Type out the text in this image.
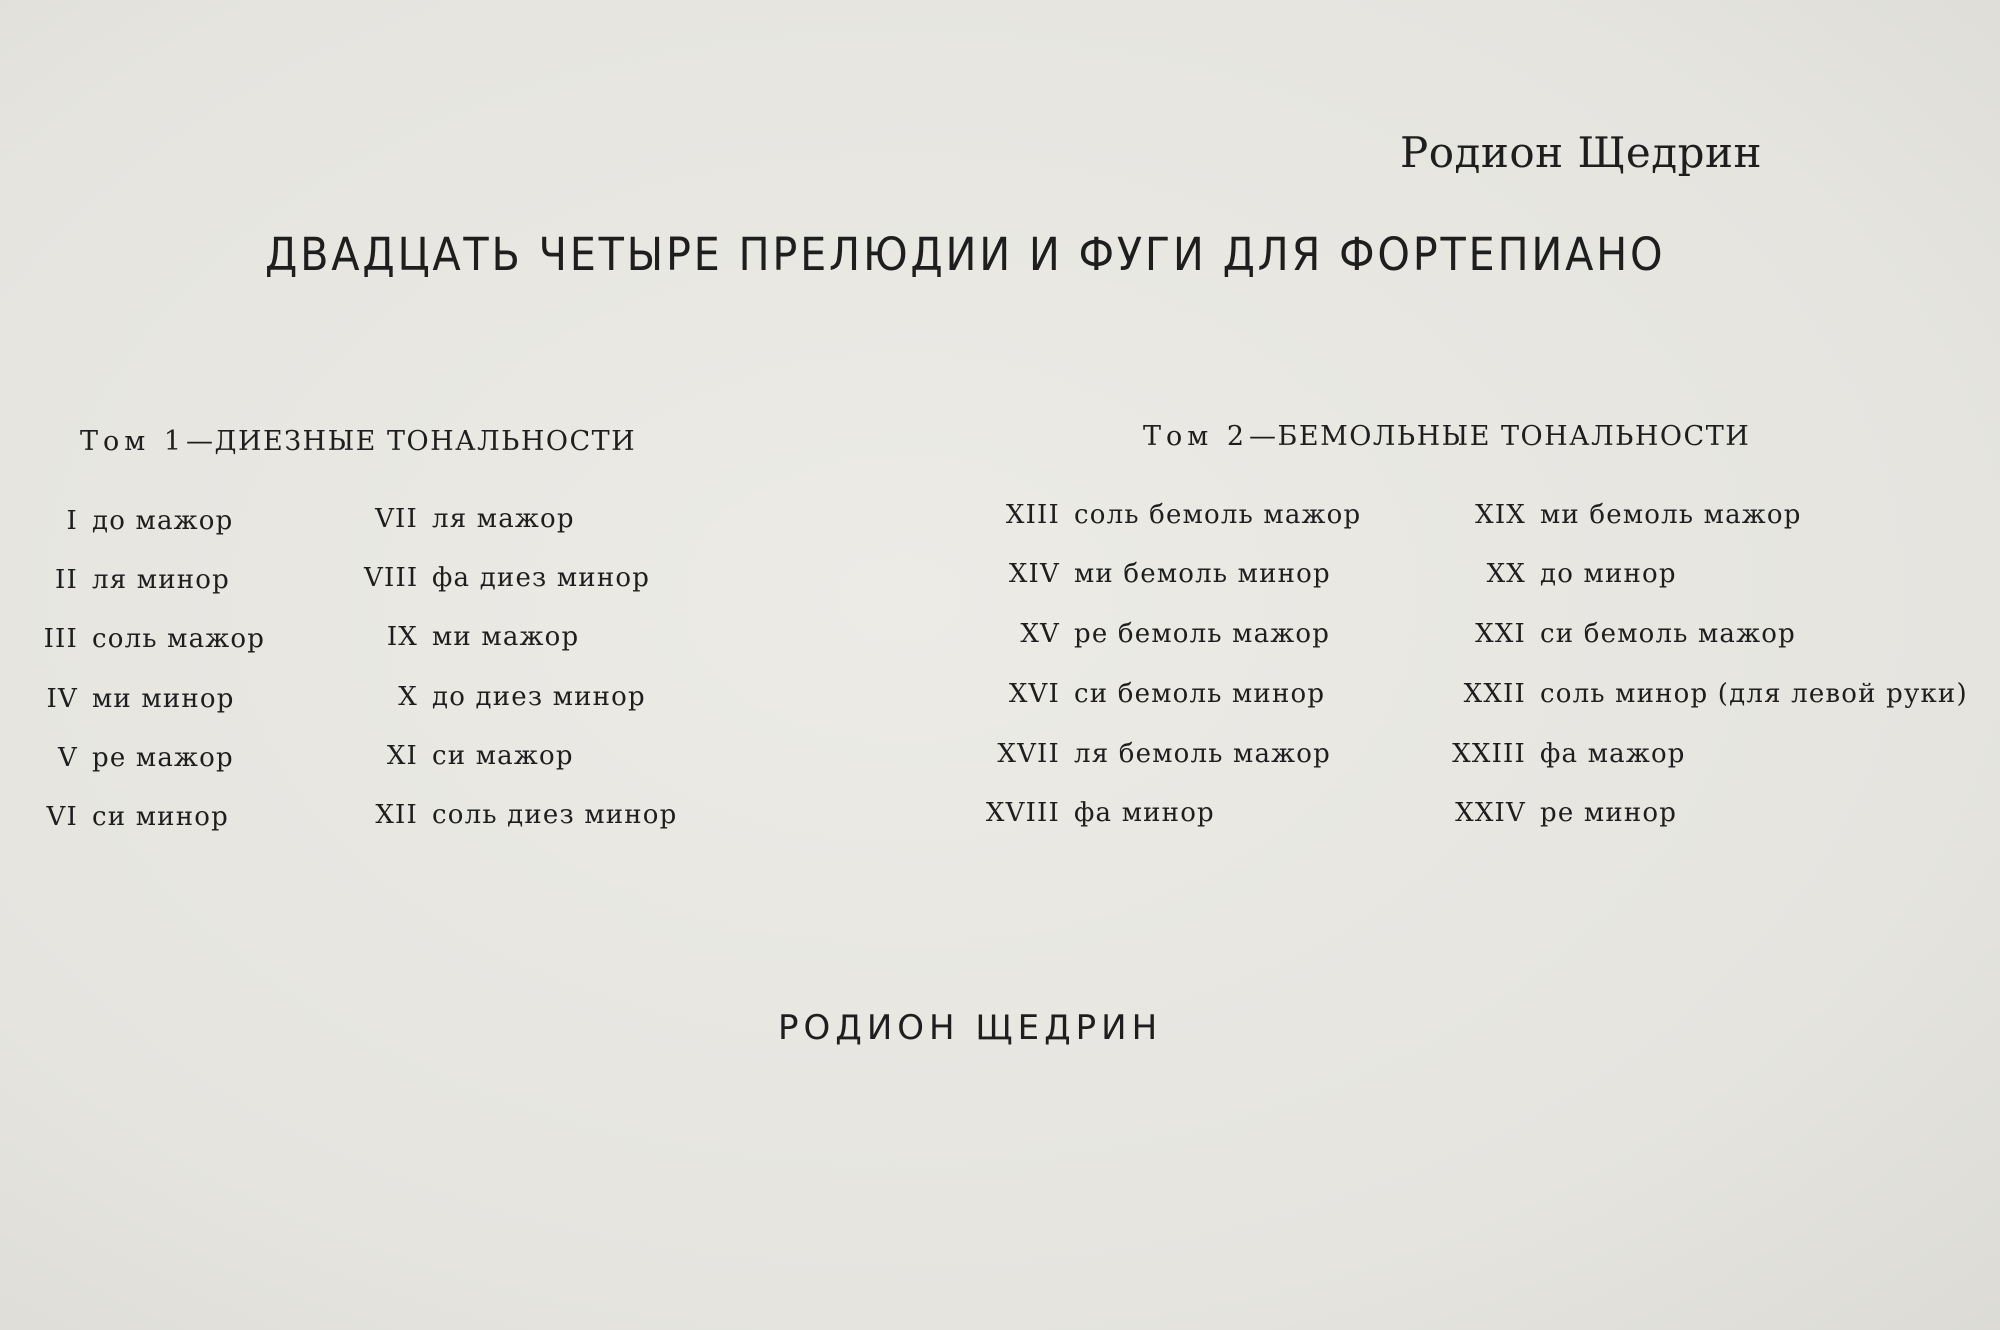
Родион Щедрин
ДВАДЦАТЬ ЧЕТЫРЕ ПРЕЛЮДИИ И ФУГИ ДЛЯ ФОРТЕПИАНО
Том 1—ДИЕЗНЫЕ ТОНАЛЬНОСТИ
I до мажор
II ля минор
III соль мажор
IV ми минор
V ре мажор
VI си минор
VII ля мажор
VIII фа диез минор
IX ми мажор
X до диез минор
XI си мажор
XII соль диез минор
Том 2—БЕМОЛЬНЫЕ ТОНАЛЬНОСТИ
XIII соль бемоль мажор
XIV ми бемоль минор
XV ре бемоль мажор
XVI си бемоль минор
XVII ля бемоль мажор
XVIII фа минор
XIX ми бемоль мажор
XX до минор
XXI си бемоль мажор
XXII соль минор (для левой руки)
XXIII фа мажор
XXIV ре минор
РОДИОН ЩЕДРИН
